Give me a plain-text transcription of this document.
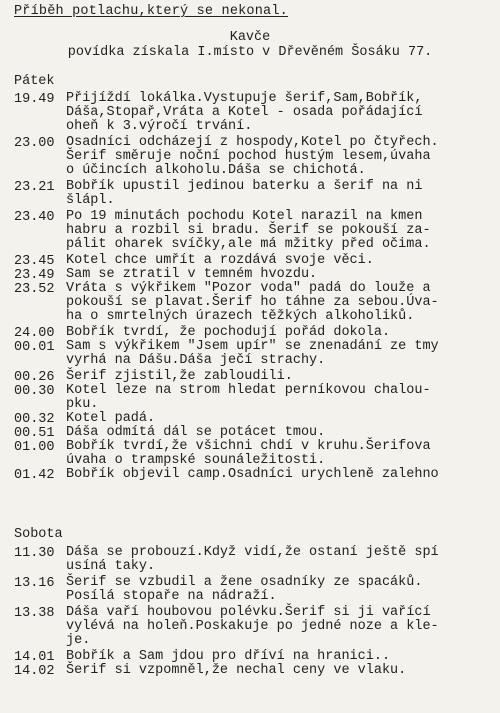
Příběh potlachu,který se nekonal.
Kavče
povídka získala I.místo v Dřevěném Šosáku 77.
Pátek
19.49 Přijíždí lokálka.Vystupuje šerif,Sam,Bobřík,
Dáša,Stopař,Vráta a Kotel - osada pořádající
oheň k 3.výročí trvání.
23.00 Osadníci odcházejí z hospody,Kotel po čtyřech.
Šerif směruje noční pochod hustým lesem,úvaha
o účincích alkoholu.Dáša se chichotá.
23.21 Bobřík upustil jedinou baterku a šerif na ni
šlápl.
23.40 Po 19 minutách pochodu Kotel narazil na kmen
habru a rozbil si bradu. Šerif se pokouší za-
pálit oharek svíčky,ale má mžitky před očima.
23.45 Kotel chce umřít a rozdává svoje věci.
23.49 Sam se ztratil v temném hvozdu.
23.52 Vráta s výkřikem "Pozor voda" padá do louže a
pokouší se plavat.Šerif ho táhne za sebou.Úva-
ha o smrtelných úrazech těžkých alkoholiků.
24.00 Bobřík tvrdí, že pochodují pořád dokola.
00.01 Sam s výkřikem "Jsem upír" se znenadání ze tmy
vyrhá na Dášu.Dáša ječí strachy.
00.26 Šerif zjistil,že zabloudili.
00.30 Kotel leze na strom hledat perníkovou chalou-
pku.
00.32 Kotel padá.
00.51 Dáša odmítá dál se potácet tmou.
01.00 Bobřík tvrdí,že všichni chdí v kruhu.Šerifova
úvaha o trampské sounáležitosti.
01.42 Bobřík objevil camp.Osadníci urychleně zalehno
Sobota
11.30 Dáša se probouzí.Když vidí,že ostaní ještě spí
usíná taky.
13.16 Šerif se vzbudil a žene osadníky ze spacáků.
Posílá stopaře na nádraží.
13.38 Dáša vaří houbovou polévku.Šerif si ji vařící
vylévá na holeň.Poskakuje po jedné noze a kle-
je.
14.01 Bobřík a Sam jdou pro dříví na hranici..
14.02 Šerif si vzpomněl,že nechal ceny ve vlaku.
